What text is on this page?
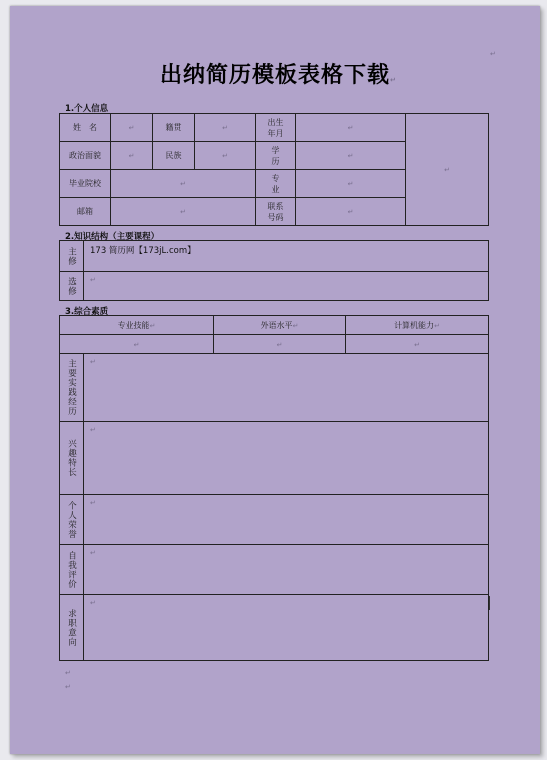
出纳简历模板表格下载↵
1.个人信息
姓　名	↵	籍贯	↵	出生年月	↵	↵
政治面貌	↵	民族	↵	学　历	↵	
毕业院校	↵			专　业	↵	
邮箱	↵			联系号码	↵	
2.知识结构（主要课程）
主修	173 简历网【173jL.com】

选修	↵
3.综合素质
专业技能↵	外语水平↵	计算机能力↵
↵	↵	↵
主要实践经历	↵

兴趣特长	↵

个人荣誉	↵

自我评价	↵

求职意向	↵
↵
↵
↵
